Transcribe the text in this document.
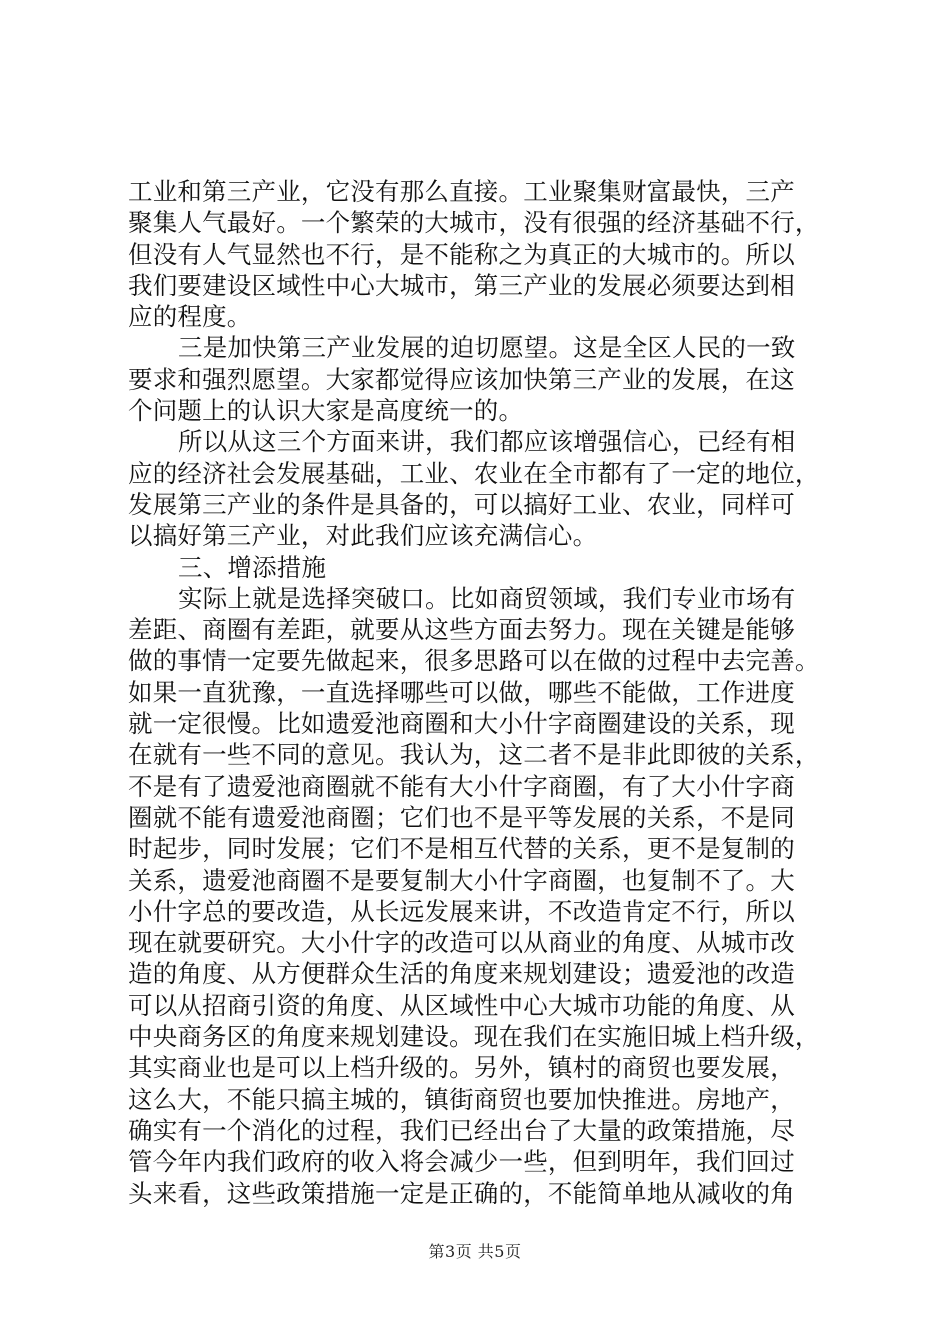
工业和第三产业，它没有那么直接。工业聚集财富最快，三产
聚集人气最好。一个繁荣的大城市，没有很强的经济基础不行，
但没有人气显然也不行，是不能称之为真正的大城市的。所以
我们要建设区域性中心大城市，第三产业的发展必须要达到相
应的程度。
三是加快第三产业发展的迫切愿望。这是全区人民的一致
要求和强烈愿望。大家都觉得应该加快第三产业的发展，在这
个问题上的认识大家是高度统一的。
所以从这三个方面来讲，我们都应该增强信心，已经有相
应的经济社会发展基础，工业、农业在全市都有了一定的地位，
发展第三产业的条件是具备的，可以搞好工业、农业，同样可
以搞好第三产业，对此我们应该充满信心。
三、增添措施
实际上就是选择突破口。比如商贸领域，我们专业市场有
差距、商圈有差距，就要从这些方面去努力。现在关键是能够
做的事情一定要先做起来，很多思路可以在做的过程中去完善。
如果一直犹豫，一直选择哪些可以做，哪些不能做，工作进度
就一定很慢。比如遗爱池商圈和大小什字商圈建设的关系，现
在就有一些不同的意见。我认为，这二者不是非此即彼的关系，
不是有了遗爱池商圈就不能有大小什字商圈，有了大小什字商
圈就不能有遗爱池商圈；它们也不是平等发展的关系，不是同
时起步，同时发展；它们不是相互代替的关系，更不是复制的
关系，遗爱池商圈不是要复制大小什字商圈，也复制不了。大
小什字总的要改造，从长远发展来讲，不改造肯定不行，所以
现在就要研究。大小什字的改造可以从商业的角度、从城市改
造的角度、从方便群众生活的角度来规划建设；遗爱池的改造
可以从招商引资的角度、从区域性中心大城市功能的角度、从
中央商务区的角度来规划建设。现在我们在实施旧城上档升级，
其实商业也是可以上档升级的。另外，镇村的商贸也要发展，
这么大，不能只搞主城的，镇街商贸也要加快推进。房地产，
确实有一个消化的过程，我们已经出台了大量的政策措施，尽
管今年内我们政府的收入将会减少一些，但到明年，我们回过
头来看，这些政策措施一定是正确的，不能简单地从减收的角
第3页 共5页
